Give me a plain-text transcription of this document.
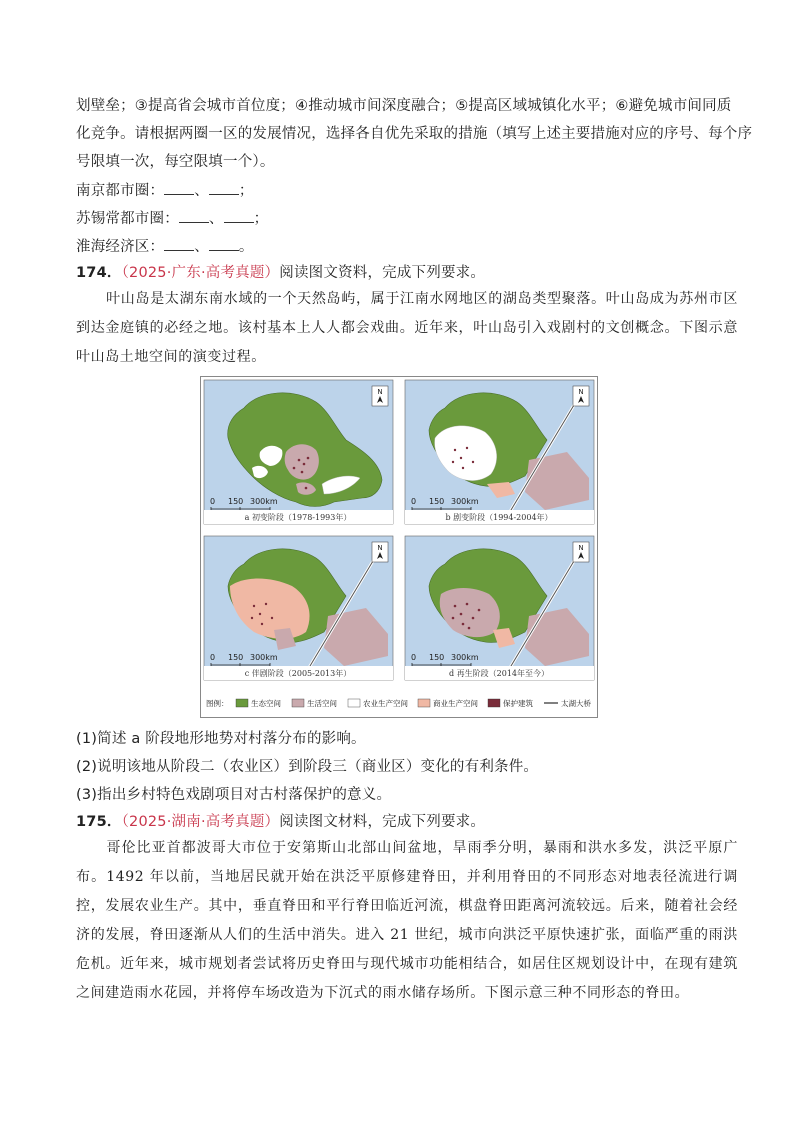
划壁垒；③提高省会城市首位度；④推动城市间深度融合；⑤提高区域城镇化水平；⑥避免城市间同质
化竞争。请根据两圈一区的发展情况，选择各自优先采取的措施（填写上述主要措施对应的序号、每个序
号限填一次，每空限填一个）。
南京都市圈： 、 ；
苏锡常都市圈： 、 ；
淮海经济区： 、 。
174．（2025·广东·高考真题）阅读图文资料，完成下列要求。
叶山岛是太湖东南水域的一个天然岛屿，属于江南水网地区的湖岛类型聚落。叶山岛成为苏州市区到达金庭镇的必经之地。该村基本上人人都会戏曲。近年来，叶山岛引入戏剧村的文创概念。下图示意叶山岛土地空间的演变过程。
N
0 150 300km
a 初变阶段（1978-1993年）
N
0 150 300km
b 剧变阶段（1994-2004年）
N
0 150 300km
c 伴剧阶段（2005-2013年）
N
0 150 300km
d 再生阶段（2014年至今）
图例：	生态空间	生活空间	农业生产空间	商业生产空间	保护建筑	太湖大桥
(1)简述 a 阶段地形地势对村落分布的影响。
(2)说明该地从阶段二（农业区）到阶段三（商业区）变化的有利条件。
(3)指出乡村特色戏剧项目对古村落保护的意义。
175．（2025·湖南·高考真题）阅读图文材料，完成下列要求。
哥伦比亚首都波哥大市位于安第斯山北部山间盆地，旱雨季分明，暴雨和洪水多发，洪泛平原广布。1492 年以前，当地居民就开始在洪泛平原修建脊田，并利用脊田的不同形态对地表径流进行调控，发展农业生产。其中，垂直脊田和平行脊田临近河流，棋盘脊田距离河流较远。后来，随着社会经济的发展，脊田逐渐从人们的生活中消失。进入 21 世纪，城市向洪泛平原快速扩张，面临严重的雨洪危机。近年来，城市规划者尝试将历史脊田与现代城市功能相结合，如居住区规划设计中，在现有建筑之间建造雨水花园，并将停车场改造为下沉式的雨水储存场所。下图示意三种不同形态的脊田。
